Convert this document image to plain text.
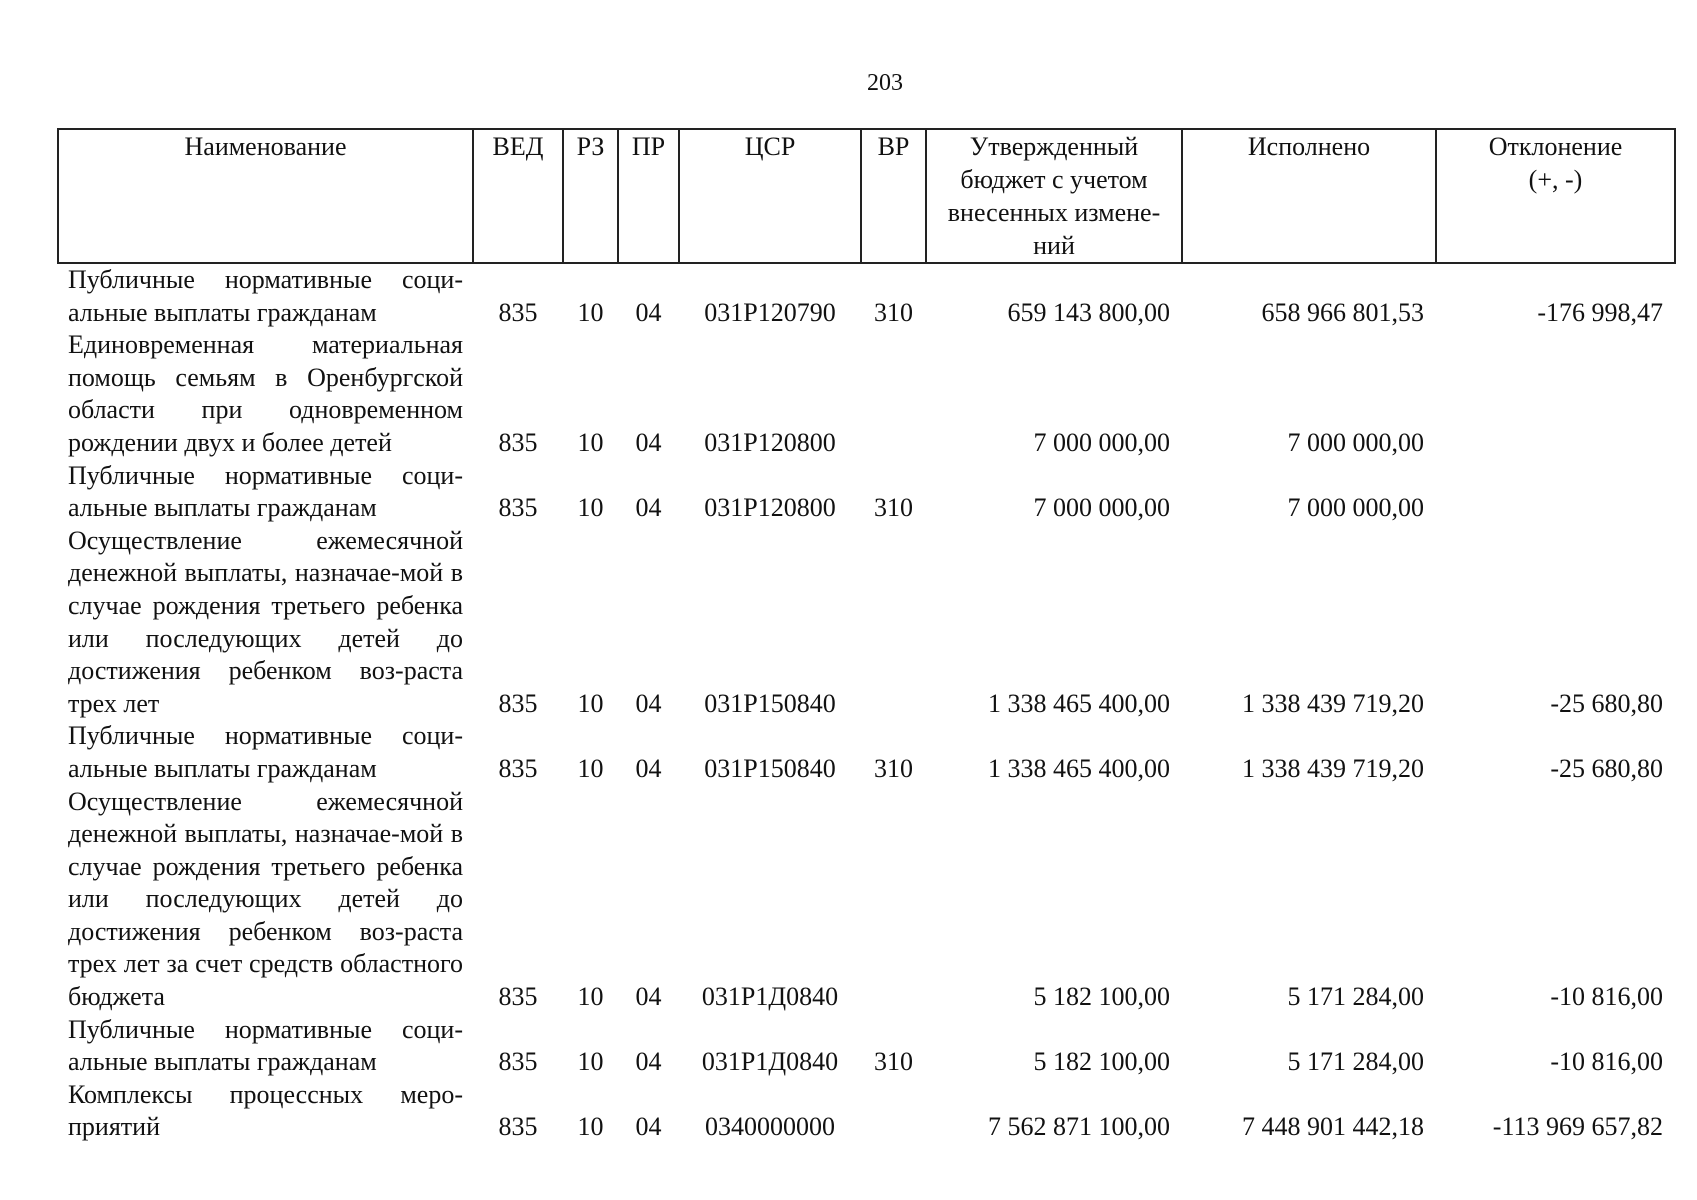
203
Наименование	ВЕД	РЗ	ПР	ЦСР	ВР	Утвержденный бюджет с учетом внесенных измене-ний	Исполнено	Отклонение (+, -)
Публичные нормативные соци-альные выплаты гражданам	835	10	04	031Р120790	310	659 143 800,00	658 966 801,53	-176 998,47
Единовременная материальная помощь семьям в Оренбургской области при одновременном рождении двух и более детей	835	10	04	031Р120800		7 000 000,00	7 000 000,00	
Публичные нормативные соци-альные выплаты гражданам	835	10	04	031Р120800	310	7 000 000,00	7 000 000,00	
Осуществление ежемесячной денежной выплаты, назначае-мой в случае рождения третьего ребенка или последующих детей до достижения ребенком воз-раста трех лет	835	10	04	031Р150840		1 338 465 400,00	1 338 439 719,20	-25 680,80
Публичные нормативные соци-альные выплаты гражданам	835	10	04	031Р150840	310	1 338 465 400,00	1 338 439 719,20	-25 680,80
Осуществление ежемесячной денежной выплаты, назначае-мой в случае рождения третьего ребенка или последующих детей до достижения ребенком воз-раста трех лет за счет средств областного бюджета	835	10	04	031Р1Д0840		5 182 100,00	5 171 284,00	-10 816,00
Публичные нормативные соци-альные выплаты гражданам	835	10	04	031Р1Д0840	310	5 182 100,00	5 171 284,00	-10 816,00
Комплексы процессных меро-приятий	835	10	04	0340000000		7 562 871 100,00	7 448 901 442,18	-113 969 657,82
